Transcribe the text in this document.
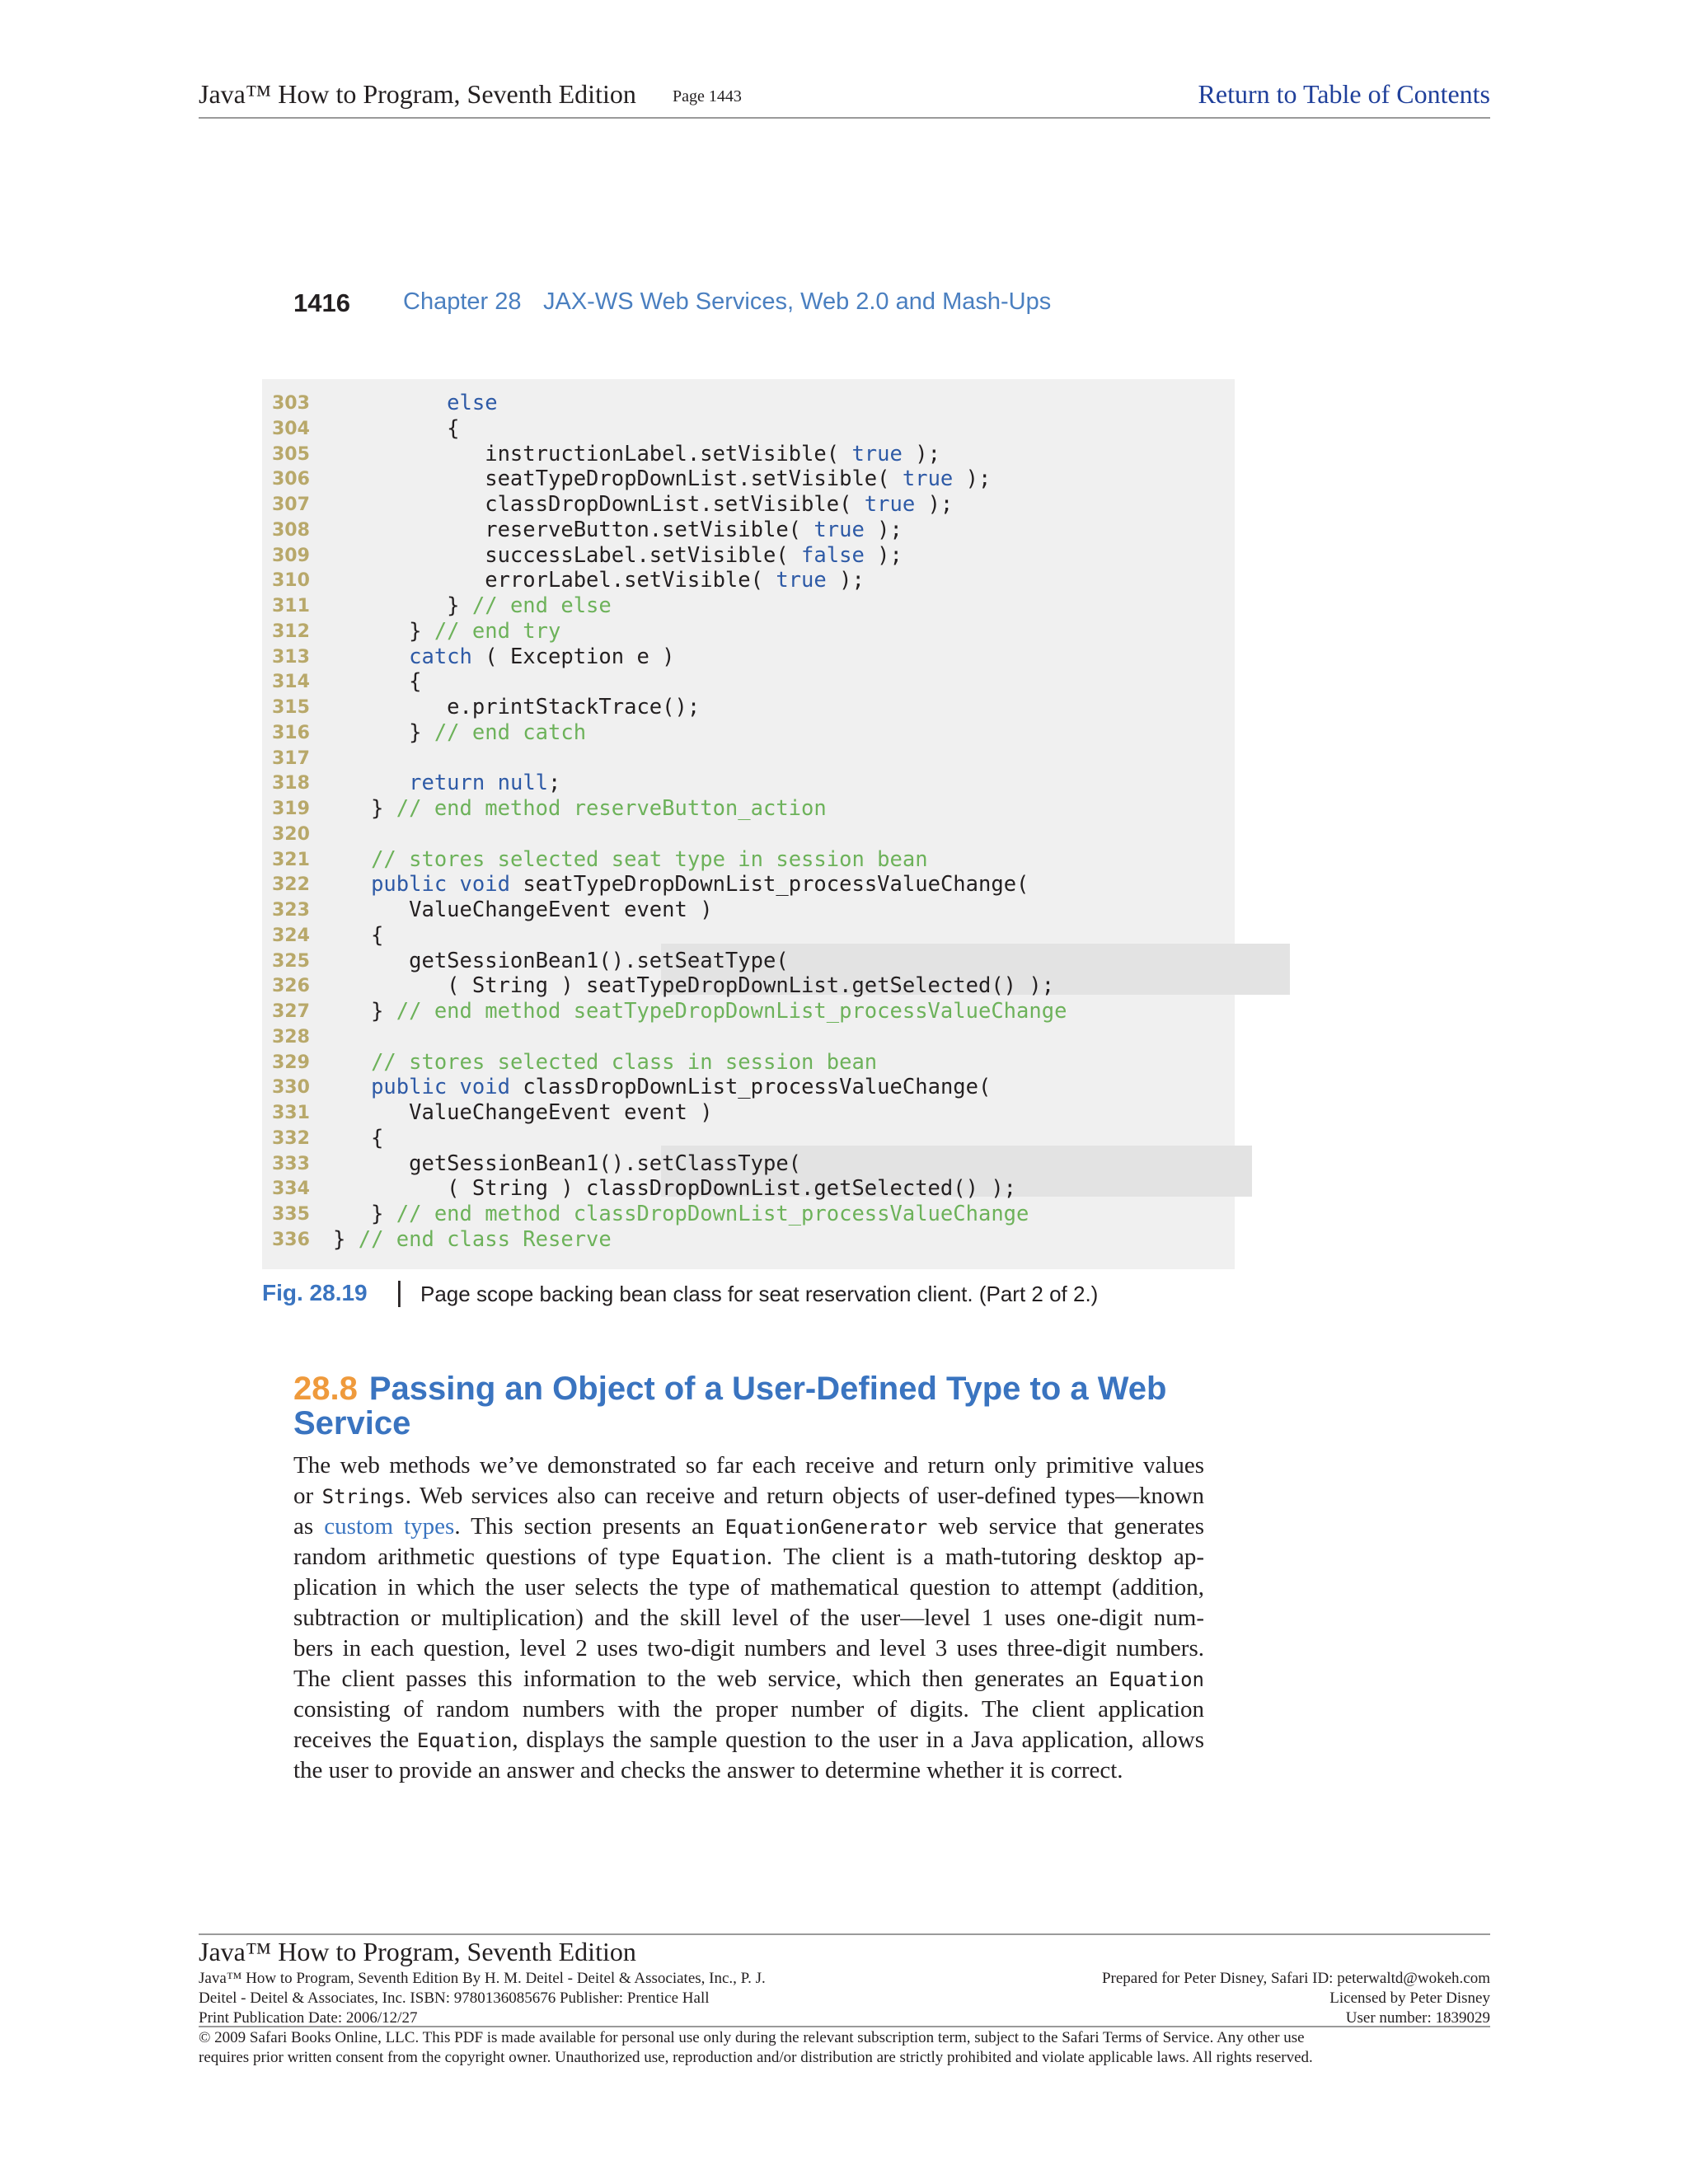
Java™ How to Program, Seventh Edition Page 1443	Return to Table of Contents
1416 Chapter 28 JAX-WS Web Services, Web 2.0 and Mash-Ups
303	else
304	{
305	instructionLabel.setVisible( true );
306	seatTypeDropDownList.setVisible( true );
307	classDropDownList.setVisible( true );
308	reserveButton.setVisible( true );
309	successLabel.setVisible( false );
310	errorLabel.setVisible( true );
311	} // end else
312	} // end try
313	catch ( Exception e )
314	{
315	e.printStackTrace();
316	} // end catch
317
318	return null;
319	} // end method reserveButton_action
320
321	// stores selected seat type in session bean
322	public void seatTypeDropDownList_processValueChange(
323	ValueChangeEvent event )
324	{
325	getSessionBean1().setSeatType(
326	( String ) seatTypeDropDownList.getSelected() );
327	} // end method seatTypeDropDownList_processValueChange
328
329	// stores selected class in session bean
330	public void classDropDownList_processValueChange(
331	ValueChangeEvent event )
332	{
333	getSessionBean1().setClassType(
334	( String ) classDropDownList.getSelected() );
335	} // end method classDropDownList_processValueChange
336	} // end class Reserve
Fig. 28.19 | Page scope backing bean class for seat reservation client. (Part 2 of 2.)
28.8 Passing an Object of a User-Defined Type to a Web Service
The web methods we’ve demonstrated so far each receive and return only primitive values
or Strings. Web services also can receive and return objects of user-defined types—known
as custom types. This section presents an EquationGenerator web service that generates
random arithmetic questions of type Equation. The client is a math-tutoring desktop ap-
plication in which the user selects the type of mathematical question to attempt (addition,
subtraction or multiplication) and the skill level of the user—level 1 uses one-digit num-
bers in each question, level 2 uses two-digit numbers and level 3 uses three-digit numbers.
The client passes this information to the web service, which then generates an Equation
consisting of random numbers with the proper number of digits. The client application
receives the Equation, displays the sample question to the user in a Java application, allows
the user to provide an answer and checks the answer to determine whether it is correct.
Java™ How to Program, Seventh Edition
Java™ How to Program, Seventh Edition By H. M. Deitel - Deitel & Associates, Inc., P. J.
Deitel - Deitel & Associates, Inc. ISBN: 9780136085676 Publisher: Prentice Hall
Print Publication Date: 2006/12/27
Prepared for Peter Disney, Safari ID: peterwaltd@wokeh.com
Licensed by Peter Disney
User number: 1839029
© 2009 Safari Books Online, LLC. This PDF is made available for personal use only during the relevant subscription term, subject to the Safari Terms of Service. Any other use
requires prior written consent from the copyright owner. Unauthorized use, reproduction and/or distribution are strictly prohibited and violate applicable laws. All rights reserved.
